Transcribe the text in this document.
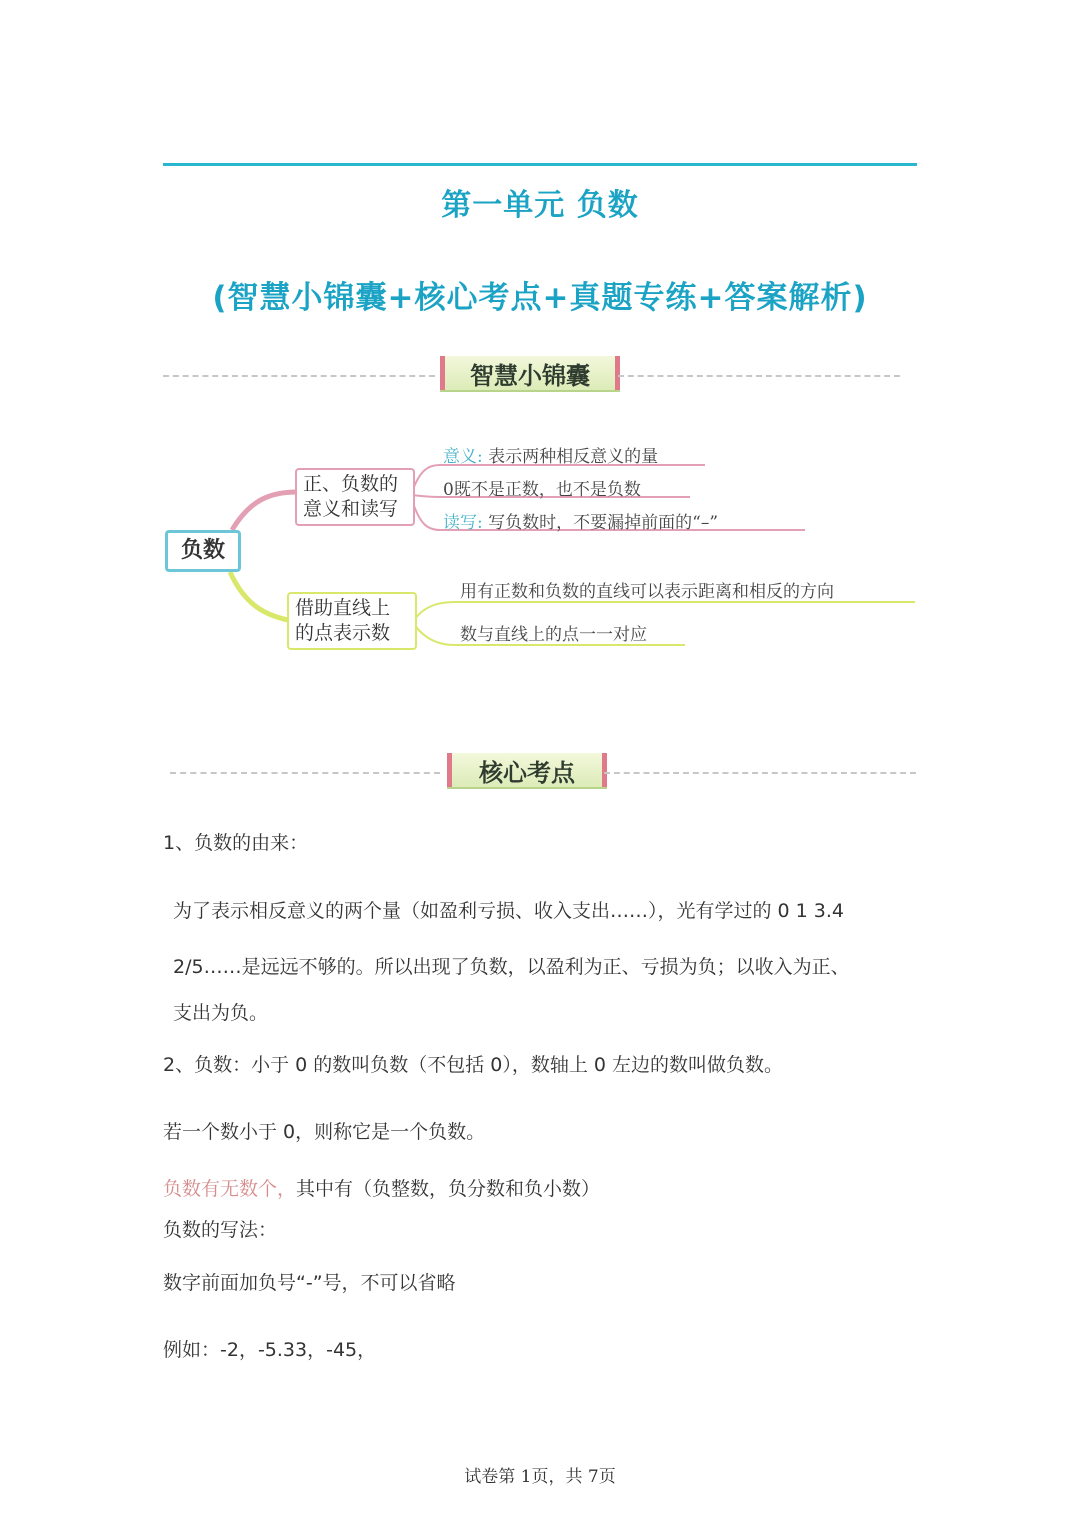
第一单元 负数
(智慧小锦囊+核心考点+真题专练+答案解析)
智慧小锦囊
负数
正、负数的
意义和读写
借助直线上
的点表示数
意义: 表示两种相反意义的量
0既不是正数，也不是负数
读写: 写负数时，不要漏掉前面的“–”
用有正数和负数的直线可以表示距离和相反的方向
数与直线上的点一一对应
核心考点
1、负数的由来：
为了表示相反意义的两个量（如盈利亏损、收入支出……），光有学过的 0 1 3.4
2/5……是远远不够的。所以出现了负数，以盈利为正、亏损为负；以收入为正、
支出为负。
2、负数：小于 0 的数叫负数（不包括 0），数轴上 0 左边的数叫做负数。
若一个数小于 0，则称它是一个负数。
负数有无数个，其中有（负整数，负分数和负小数）
负数的写法：
数字前面加负号“-”号，不可以省略
例如：-2，-5.33，-45，
试卷第 1页，共 7页
